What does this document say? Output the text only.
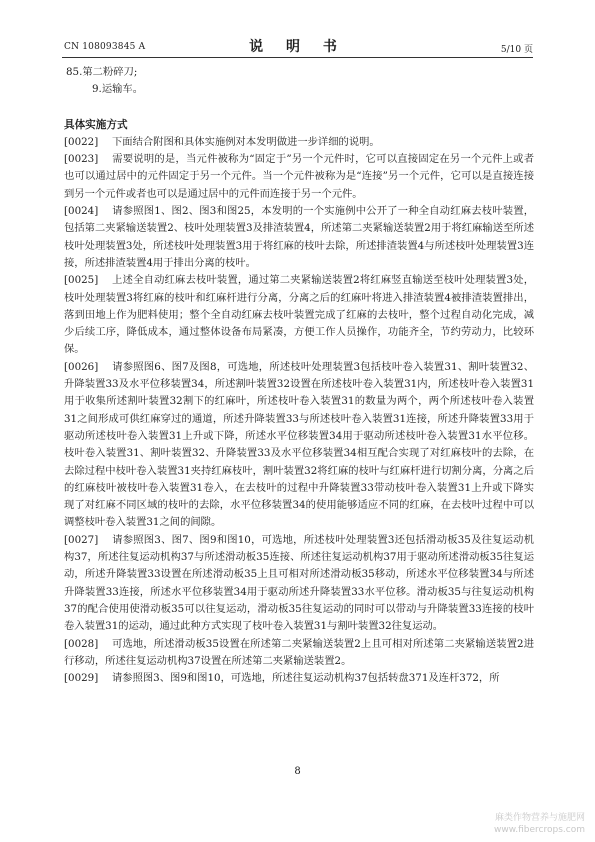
CN 108093845 A	说 明 书	5/10 页

85.第二粉碎刀;

9.运输车。

具体实施方式

[0022] 下面结合附图和具体实施例对本发明做进一步详细的说明。

[0023] 需要说明的是，当元件被称为“固定于”另一个元件时，它可以直接固定在另一个元件上或者也可以通过居中的元件固定于另一个元件。当一个元件被称为是“连接”另一个元件，它可以是直接连接到另一个元件或者也可以是通过居中的元件而连接于另一个元件。

[0024] 请参照图1、图2、图3和图25，本发明的一个实施例中公开了一种全自动红麻去枝叶装置，包括第二夹紧输送装置2、枝叶处理装置3及排渣装置4，所述第二夹紧输送装置2用于将红麻输送至所述枝叶处理装置3处，所述枝叶处理装置3用于将红麻的枝叶去除，所述排渣装置4与所述枝叶处理装置3连接，所述排渣装置4用于排出分离的枝叶。

[0025] 上述全自动红麻去枝叶装置，通过第二夹紧输送装置2将红麻竖直输送至枝叶处理装置3处，枝叶处理装置3将红麻的枝叶和红麻杆进行分离，分离之后的红麻叶将进入排渣装置4被排渣装置排出，落到田地上作为肥料使用；整个全自动红麻去枝叶装置完成了红麻的去枝叶，整个过程自动化完成，减少后续工序，降低成本，通过整体设备布局紧凑，方便工作人员操作，功能齐全，节约劳动力，比较环保。

[0026] 请参照图6、图7及图8，可选地，所述枝叶处理装置3包括枝叶卷入装置31、割叶装置32、升降装置33及水平位移装置34，所述割叶装置32设置在所述枝叶卷入装置31内，所述枝叶卷入装置31用于收集所述割叶装置32割下的红麻叶，所述枝叶卷入装置31的数量为两个，两个所述枝叶卷入装置31之间形成可供红麻穿过的通道，所述升降装置33与所述枝叶卷入装置31连接，所述升降装置33用于驱动所述枝叶卷入装置31上升或下降，所述水平位移装置34用于驱动所述枝叶卷入装置31水平位移。枝叶卷入装置31、割叶装置32、升降装置33及水平位移装置34相互配合实现了对红麻枝叶的去除，在去除过程中枝叶卷入装置31夹持红麻枝叶，割叶装置32将红麻的枝叶与红麻杆进行切割分离，分离之后的红麻枝叶被枝叶卷入装置31卷入，在去枝叶的过程中升降装置33带动枝叶卷入装置31上升或下降实现了对红麻不同区域的枝叶的去除，水平位移装置34的使用能够适应不同的红麻，在去枝叶过程中可以调整枝叶卷入装置31之间的间隙。

[0027] 请参照图3、图7、图9和图10，可选地，所述枝叶处理装置3还包括滑动板35及往复运动机构37，所述往复运动机构37与所述滑动板35连接、所述往复运动机构37用于驱动所述滑动板35往复运动，所述升降装置33设置在所述滑动板35上且可相对所述滑动板35移动，所述水平位移装置34与所述升降装置33连接，所述水平位移装置34用于驱动所述升降装置33水平位移。滑动板35与往复运动机构37的配合使用使滑动板35可以往复运动，滑动板35往复运动的同时可以带动与升降装置33连接的枝叶卷入装置31的运动，通过此种方式实现了枝叶卷入装置31与割叶装置32往复运动。

[0028] 可选地，所述滑动板35设置在所述第二夹紧输送装置2上且可相对所述第二夹紧输送装置2进行移动，所述往复运动机构37设置在所述第二夹紧输送装置2。

[0029] 请参照图3、图9和图10，可选地，所述往复运动机构37包括转盘371及连杆372，所

8
麻类作物营养与施肥网
www.fibercrops.com
